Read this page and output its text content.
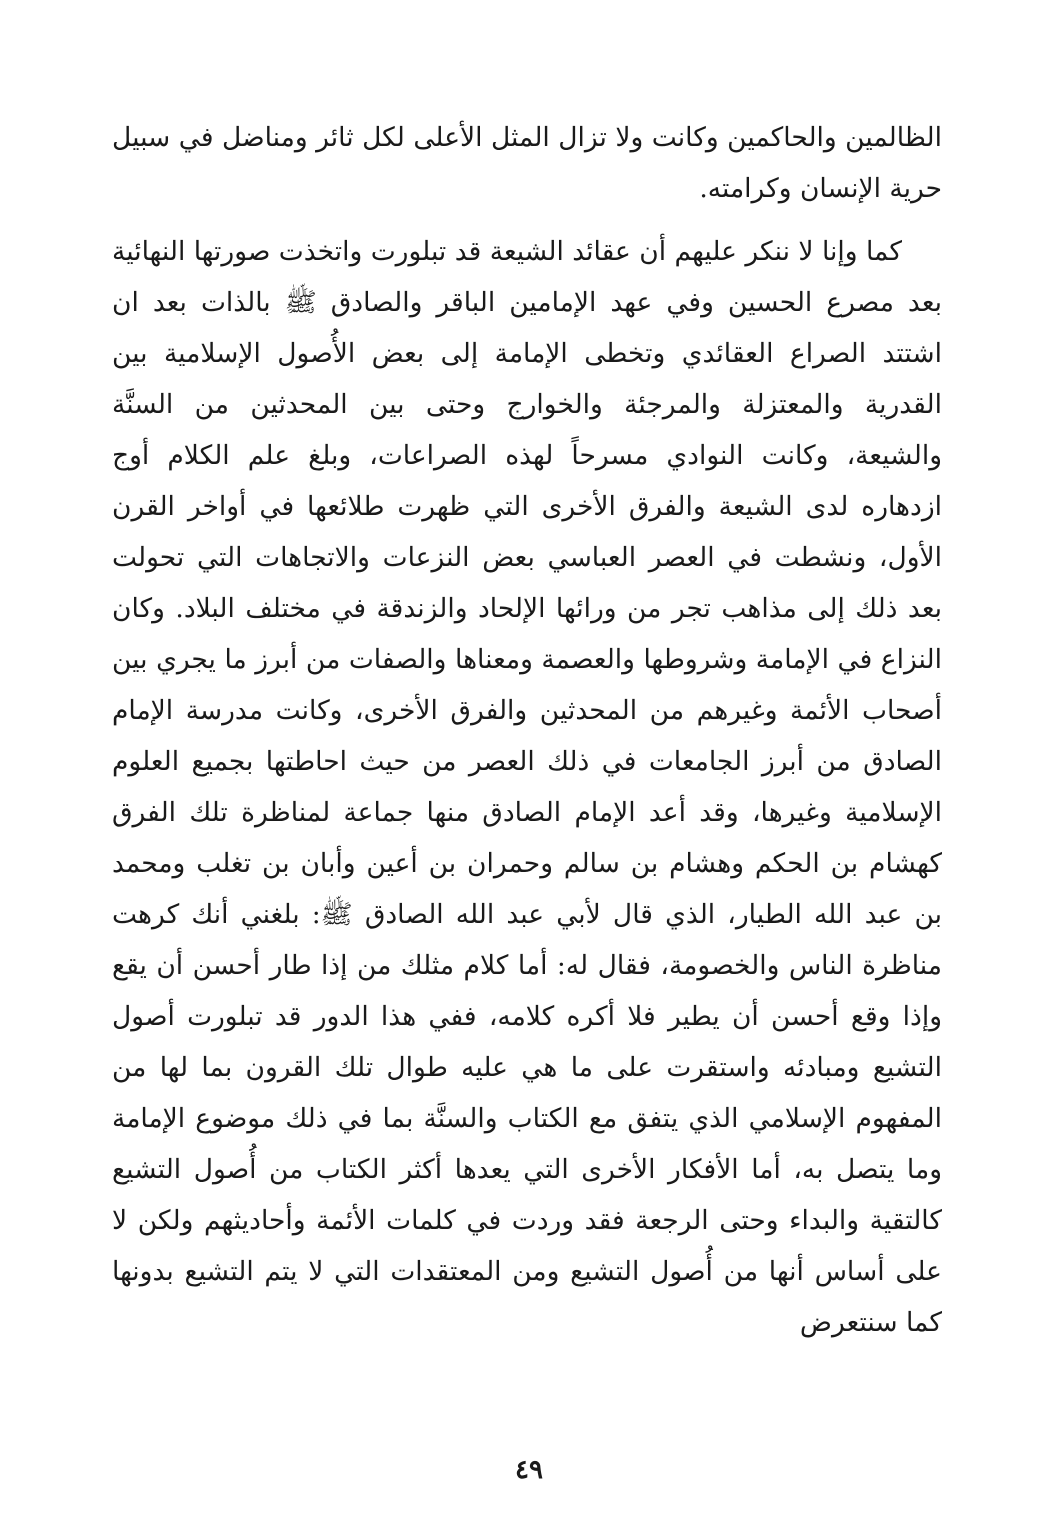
الظالمين والحاكمين وكانت ولا تزال المثل الأعلى لكل ثائر ومناضل في سبيل حرية الإنسان وكرامته.

كما وإنا لا ننكر عليهم أن عقائد الشيعة قد تبلورت واتخذت صورتها النهائية بعد مصرع الحسين وفي عهد الإمامين الباقر والصادق ﷺ بالذات بعد ان اشتتد الصراع العقائدي وتخطى الإمامة إلى بعض الأُصول الإسلامية بين القدرية والمعتزلة والمرجئة والخوارج وحتى بين المحدثين من السنَّة والشيعة، وكانت النوادي مسرحاً لهذه الصراعات، وبلغ علم الكلام أوج ازدهاره لدى الشيعة والفرق الأخرى التي ظهرت طلائعها في أواخر القرن الأول، ونشطت في العصر العباسي بعض النزعات والاتجاهات التي تحولت بعد ذلك إلى مذاهب تجر من ورائها الإلحاد والزندقة في مختلف البلاد. وكان النزاع في الإمامة وشروطها والعصمة ومعناها والصفات من أبرز ما يجري بين أصحاب الأئمة وغيرهم من المحدثين والفرق الأخرى، وكانت مدرسة الإمام الصادق من أبرز الجامعات في ذلك العصر من حيث احاطتها بجميع العلوم الإسلامية وغيرها، وقد أعد الإمام الصادق منها جماعة لمناظرة تلك الفرق كهشام بن الحكم وهشام بن سالم وحمران بن أعين وأبان بن تغلب ومحمد بن عبد الله الطيار، الذي قال لأبي عبد الله الصادق ﷺ: بلغني أنك كرهت مناظرة الناس والخصومة، فقال له: أما كلام مثلك من إذا طار أحسن أن يقع وإذا وقع أحسن أن يطير فلا أكره كلامه، ففي هذا الدور قد تبلورت أصول التشيع ومبادئه واستقرت على ما هي عليه طوال تلك القرون بما لها من المفهوم الإسلامي الذي يتفق مع الكتاب والسنَّة بما في ذلك موضوع الإمامة وما يتصل به، أما الأفكار الأخرى التي يعدها أكثر الكتاب من أُصول التشيع كالتقية والبداء وحتى الرجعة فقد وردت في كلمات الأئمة وأحاديثهم ولكن لا على أساس أنها من أُصول التشيع ومن المعتقدات التي لا يتم التشيع بدونها كما سنتعرض

٤٩
